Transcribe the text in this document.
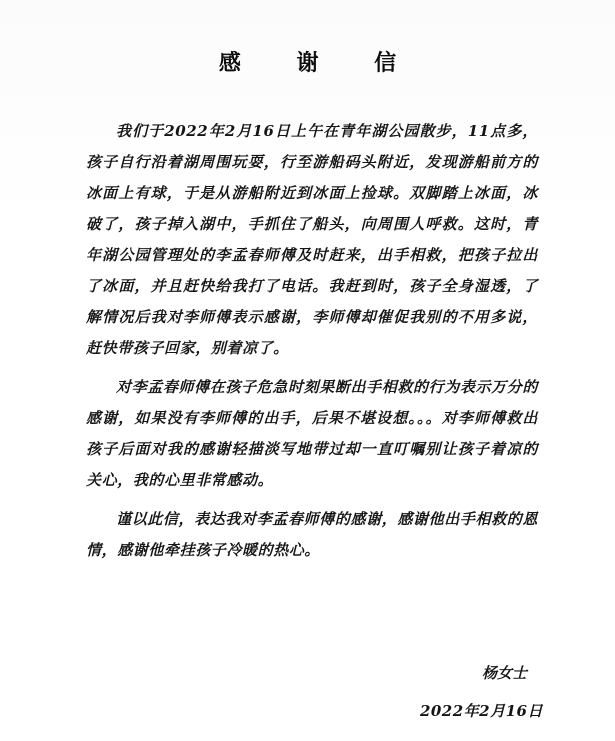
感 谢 信

我们于2022年2月16日上午在青年湖公园散步，11点多，孩子自行沿着湖周围玩耍，行至游船码头附近，发现游船前方的冰面上有球，于是从游船附近到冰面上捡球。双脚踏上冰面，冰破了，孩子掉入湖中，手抓住了船头，向周围人呼救。这时，青年湖公园管理处的李孟春师傅及时赶来，出手相救，把孩子拉出了冰面，并且赶快给我打了电话。我赶到时，孩子全身湿透，了解情况后我对李师傅表示感谢，李师傅却催促我别的不用多说，赶快带孩子回家，别着凉了。

对李孟春师傅在孩子危急时刻果断出手相救的行为表示万分的感谢，如果没有李师傅的出手，后果不堪设想。。。对李师傅救出孩子后面对我的感谢轻描淡写地带过却一直叮嘱别让孩子着凉的关心，我的心里非常感动。

谨以此信，表达我对李孟春师傅的感谢，感谢他出手相救的恩情，感谢他牵挂孩子冷暖的热心。

杨女士
2022年2月16日
